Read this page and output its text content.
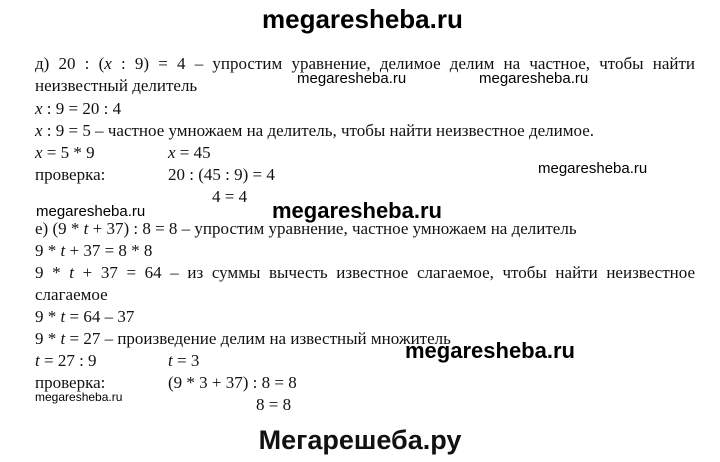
megaresheba.ru
д) 20 : (x : 9) = 4 – упростим уравнение, делимое делим на частное, чтобы найти
неизвестный делитель	megaresheba.ru	megaresheba.ru
x : 9 = 20 : 4
x : 9 = 5 – частное умножаем на делитель, чтобы найти неизвестное делимое.
x = 5 * 9	x = 45
проверка:	20 : (45 : 9) = 4
4 = 4
megaresheba.ru
megaresheba.ru	megaresheba.ru
е) (9 * t + 37) : 8 = 8 – упростим уравнение, частное умножаем на делитель
9 * t + 37 = 8 * 8
9 * t + 37 = 64 – из суммы вычесть известное слагаемое, чтобы найти неизвестное
слагаемое
9 * t = 64 – 37
9 * t = 27 – произведение делим на известный множитель
t = 27 : 9	t = 3	megaresheba.ru
проверка:	(9 * 3 + 37) : 8 = 8
8 = 8
megaresheba.ru
Мегарешеба.ру
